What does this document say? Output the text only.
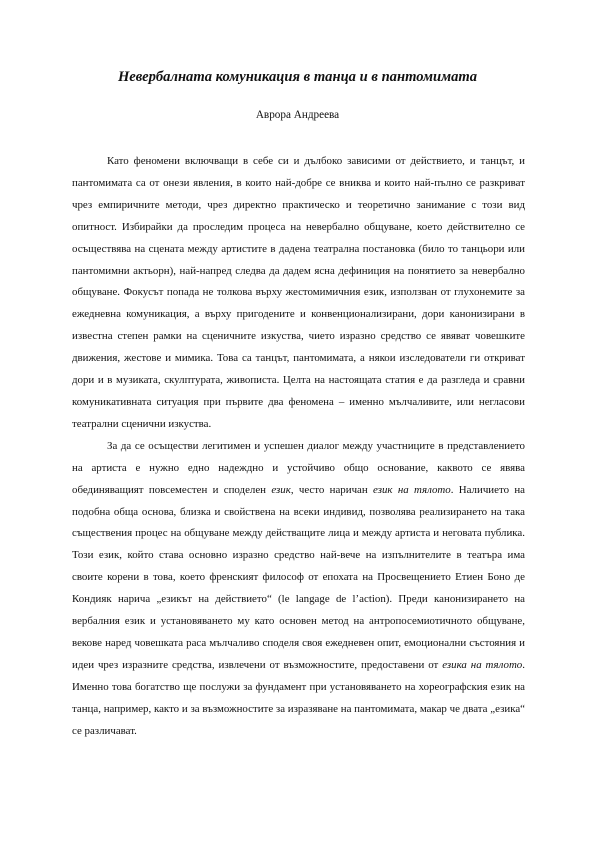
Невербалната комуникация в танца и в пантомимата
Аврора Андреева

Като феномени включващи в себе си и дълбоко зависими от действието, и танцът, и пантомимата са от онези явления, в които най-добре се вниква и които най-пълно се разкриват чрез емпиричните методи, чрез директно практическо и теоретично занимание с този вид опитност. Избирайки да проследим процеса на невербално общуване, което действително се осъществява на сцената между артистите в дадена театрална постановка (било то танцьори или пантомимни актьорн), най-напред следва да дадем ясна дефиниция на понятието за невербално общуване. Фокусът попада не толкова върху жестомимичния език, използван от глухонемите за ежедневна комуникация, а върху пригодените и конвенционализирани, дори канонизирани в известна степен рамки на сценичните изкуства, чието изразно средство се явяват човешките движения, жестове и мимика. Това са танцът, пантомимата, а някои изследователи ги откриват дори и в музиката, скулптурата, живописта. Целта на настоящата статия е да разгледа и сравни комуникативната ситуация при първите два феномена – именно мълчаливите, или негласови театрални сценични изкуства.

За да се осъществи легитимен и успешен диалог между участниците в представлението на артиста е нужно едно надеждно и устойчиво общо основание, каквото се явява обединяващият повсеместен и споделен език, често наричан език на тялото. Наличието на подобна обща основа, близка и свойствена на всеки индивид, позволява реализирането на така съществения процес на общуване между действащите лица и между артиста и неговата публика. Този език, който става основно изразно средство най-вече на изпълнителите в театъра има своите корени в това, което френският философ от епохата на Просвещението Етиен Боно де Кондияк нарича „езикът на действието“ (le langage de l’action). Преди канонизирането на вербалния език и установяването му като основен метод на антропосемиотичното общуване, векове наред човешката раса мълчаливо споделя своя ежедневен опит, емоционални състояния и идеи чрез изразните средства, извлечени от възможностите, предоставени от езика на тялото. Именно това богатство ще послужи за фундамент при установяването на хореографския език на танца, например, както и за възможностите за изразяване на пантомимата, макар че двата „езика“ се различават.
